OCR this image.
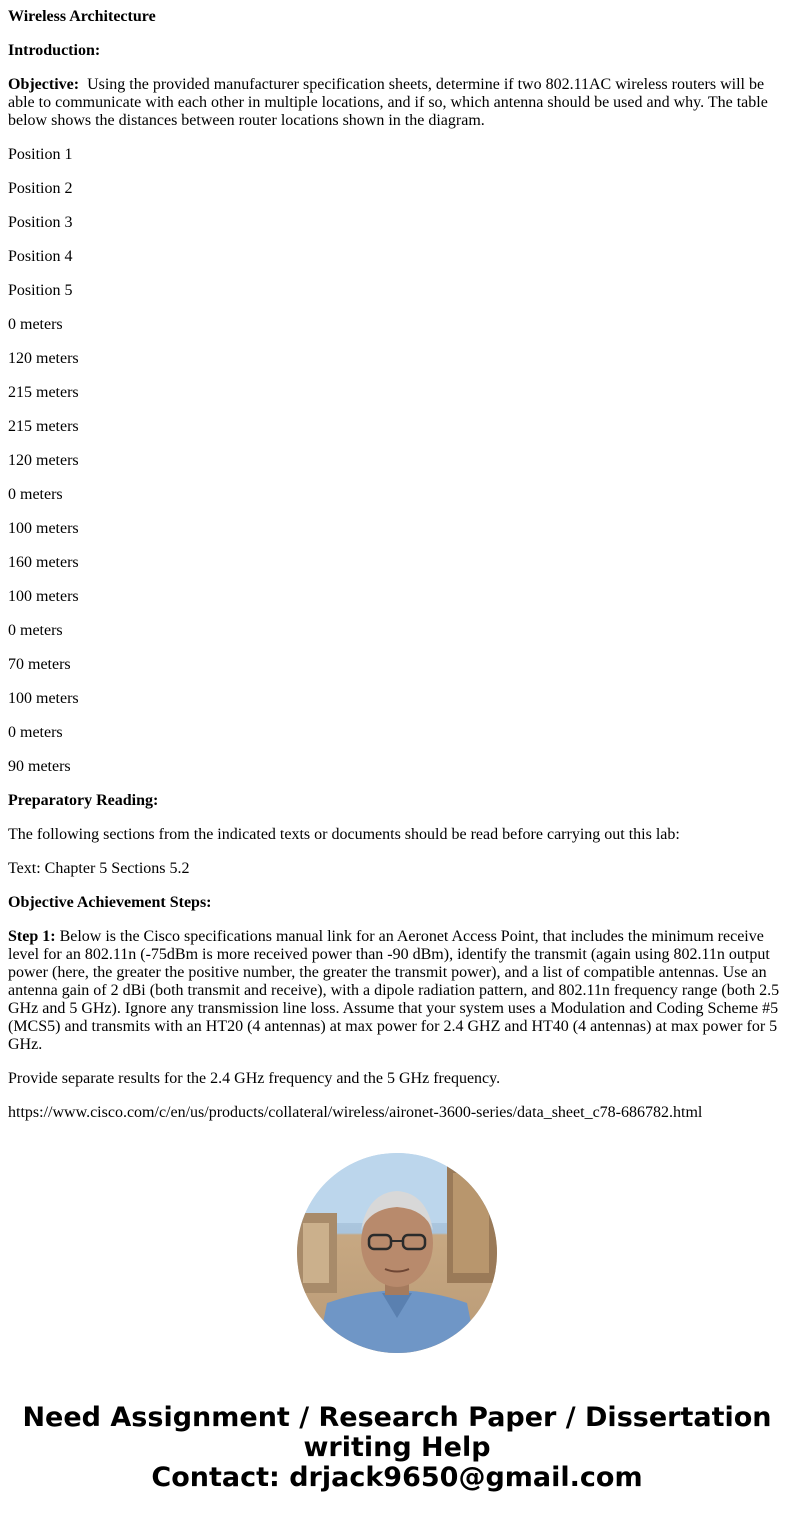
Wireless Architecture

Introduction:

Objective:  Using the provided manufacturer specification sheets, determine if two 802.11AC wireless routers will be able to communicate with each other in multiple locations, and if so, which antenna should be used and why. The table below shows the distances between router locations shown in the diagram.

Position 1

Position 2

Position 3

Position 4

Position 5

0 meters

120 meters

215 meters

215 meters

120 meters

0 meters

100 meters

160 meters

100 meters

0 meters

70 meters

100 meters

0 meters

90 meters

Preparatory Reading:

The following sections from the indicated texts or documents should be read before carrying out this lab:

Text: Chapter 5 Sections 5.2

Objective Achievement Steps:

Step 1: Below is the Cisco specifications manual link for an Aeronet Access Point, that includes the minimum receive level for an 802.11n (-75dBm is more received power than -90 dBm), identify the transmit (again using 802.11n output power (here, the greater the positive number, the greater the transmit power), and a list of compatible antennas. Use an antenna gain of 2 dBi (both transmit and receive), with a dipole radiation pattern, and 802.11n frequency range (both 2.5 GHz and 5 GHz). Ignore any transmission line loss. Assume that your system uses a Modulation and Coding Scheme #5 (MCS5) and transmits with an HT20 (4 antennas) at max power for 2.4 GHZ and HT40 (4 antennas) at max power for 5 GHz.

Provide separate results for the 2.4 GHz frequency and the 5 GHz frequency.

https://www.cisco.com/c/en/us/products/collateral/wireless/aironet-3600-series/data_sheet_c78-686782.html

Need Assignment / Research Paper / Dissertation
writing Help
Contact: drjack9650@gmail.com
